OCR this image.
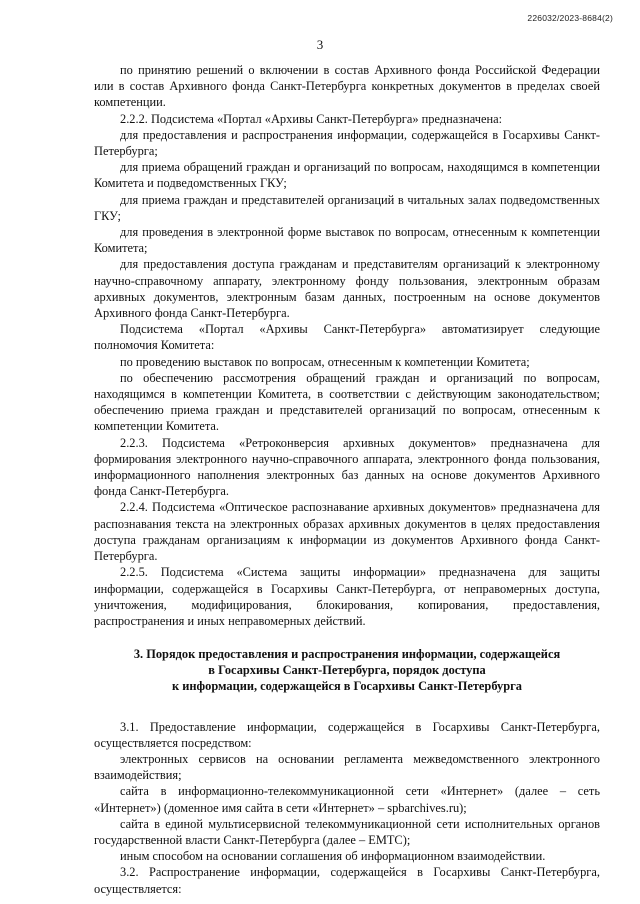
226032/2023-8684(2)
3

по принятию решений о включении в состав Архивного фонда Российской Федерации или в состав Архивного фонда Санкт-Петербурга конкретных документов в пределах своей компетенции.

2.2.2. Подсистема «Портал «Архивы Санкт-Петербурга» предназначена:

для предоставления и распространения информации, содержащейся в Госархивы Санкт-Петербурга;

для приема обращений граждан и организаций по вопросам, находящимся в компетенции Комитета и подведомственных ГКУ;

для приема граждан и представителей организаций в читальных залах подведомственных ГКУ;

для проведения в электронной форме выставок по вопросам, отнесенным к компетенции Комитета;

для предоставления доступа гражданам и представителям организаций к электронному научно-справочному аппарату, электронному фонду пользования, электронным образам архивных документов, электронным базам данных, построенным на основе документов Архивного фонда Санкт-Петербурга.

Подсистема «Портал «Архивы Санкт-Петербурга» автоматизирует следующие полномочия Комитета:

по проведению выставок по вопросам, отнесенным к компетенции Комитета;

по обеспечению рассмотрения обращений граждан и организаций по вопросам, находящимся в компетенции Комитета, в соответствии с действующим законодательством; обеспечению приема граждан и представителей организаций по вопросам, отнесенным к компетенции Комитета.

2.2.3. Подсистема «Ретроконверсия архивных документов» предназначена для формирования электронного научно-справочного аппарата, электронного фонда пользования, информационного наполнения электронных баз данных на основе документов Архивного фонда Санкт-Петербурга.

2.2.4. Подсистема «Оптическое распознавание архивных документов» предназначена для распознавания текста на электронных образах архивных документов в целях предоставления доступа гражданам организациям к информации из документов Архивного фонда Санкт-Петербурга.

2.2.5. Подсистема «Система защиты информации» предназначена для защиты информации, содержащейся в Госархивы Санкт-Петербурга, от неправомерных доступа, уничтожения, модифицирования, блокирования, копирования, предоставления, распространения и иных неправомерных действий.

3. Порядок предоставления и распространения информации, содержащейся
в Госархивы Санкт-Петербурга, порядок доступа
к информации, содержащейся в Госархивы Санкт-Петербурга

3.1. Предоставление информации, содержащейся в Госархивы Санкт-Петербурга, осуществляется посредством:

электронных сервисов на основании регламента межведомственного электронного взаимодействия;

сайта в информационно-телекоммуникационной сети «Интернет» (далее – сеть «Интернет») (доменное имя сайта в сети «Интернет» – spbarchives.ru);

сайта в единой мультисервисной телекоммуникационной сети исполнительных органов государственной власти Санкт-Петербурга (далее – ЕМТС);

иным способом на основании соглашения об информационном взаимодействии.

3.2. Распространение информации, содержащейся в Госархивы Санкт-Петербурга, осуществляется:
